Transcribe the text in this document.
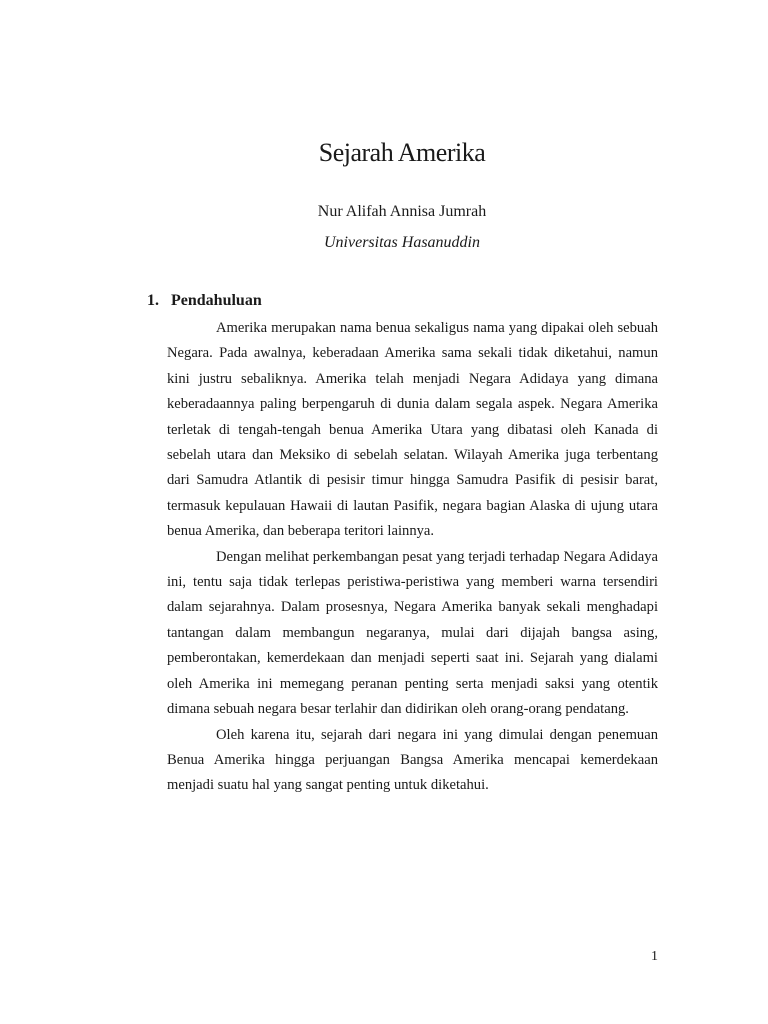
Sejarah Amerika
Nur Alifah Annisa Jumrah
Universitas Hasanuddin
1. Pendahuluan

Amerika merupakan nama benua sekaligus nama yang dipakai oleh sebuah Negara. Pada awalnya, keberadaan Amerika sama sekali tidak diketahui, namun kini justru sebaliknya. Amerika telah menjadi Negara Adidaya yang dimana keberadaannya paling berpengaruh di dunia dalam segala aspek. Negara Amerika terletak di tengah-tengah benua Amerika Utara yang dibatasi oleh Kanada di sebelah utara dan Meksiko di sebelah selatan. Wilayah Amerika juga terbentang dari Samudra Atlantik di pesisir timur hingga Samudra Pasifik di pesisir barat, termasuk kepulauan Hawaii di lautan Pasifik, negara bagian Alaska di ujung utara benua Amerika, dan beberapa teritori lainnya.

Dengan melihat perkembangan pesat yang terjadi terhadap Negara Adidaya ini, tentu saja tidak terlepas peristiwa-peristiwa yang memberi warna tersendiri dalam sejarahnya. Dalam prosesnya, Negara Amerika banyak sekali menghadapi tantangan dalam membangun negaranya, mulai dari dijajah bangsa asing, pemberontakan, kemerdekaan dan menjadi seperti saat ini. Sejarah yang dialami oleh Amerika ini memegang peranan penting serta menjadi saksi yang otentik dimana sebuah negara besar terlahir dan didirikan oleh orang-orang pendatang.

Oleh karena itu, sejarah dari negara ini yang dimulai dengan penemuan Benua Amerika hingga perjuangan Bangsa Amerika mencapai kemerdekaan menjadi suatu hal yang sangat penting untuk diketahui.

1
